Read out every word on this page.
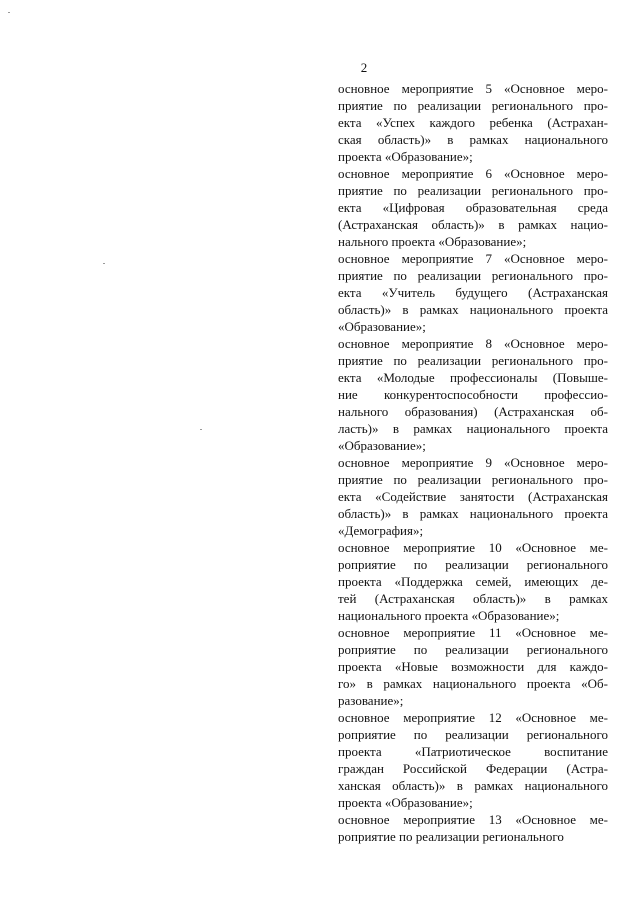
2
основное мероприятие 5 «Основное меро-
приятие по реализации регионального про-
екта «Успех каждого ребенка (Астрахан-
ская область)» в рамках национального
проекта «Образование»;
основное мероприятие 6 «Основное меро-
приятие по реализации регионального про-
екта «Цифровая образовательная среда
(Астраханская область)» в рамках нацио-
нального проекта «Образование»;
основное мероприятие 7 «Основное меро-
приятие по реализации регионального про-
екта «Учитель будущего (Астраханская
область)» в рамках национального проекта
«Образование»;
основное мероприятие 8 «Основное меро-
приятие по реализации регионального про-
екта «Молодые профессионалы (Повыше-
ние конкурентоспособности профессио-
нального образования) (Астраханская об-
ласть)» в рамках национального проекта
«Образование»;
основное мероприятие 9 «Основное меро-
приятие по реализации регионального про-
екта «Содействие занятости (Астраханская
область)» в рамках национального проекта
«Демография»;
основное мероприятие 10 «Основное ме-
роприятие по реализации регионального
проекта «Поддержка семей, имеющих де-
тей (Астраханская область)» в рамках
национального проекта «Образование»;
основное мероприятие 11 «Основное ме-
роприятие по реализации регионального
проекта «Новые возможности для каждо-
го» в рамках национального проекта «Об-
разование»;
основное мероприятие 12 «Основное ме-
роприятие по реализации регионального
проекта «Патриотическое воспитание
граждан Российской Федерации (Астра-
ханская область)» в рамках национального
проекта «Образование»;
основное мероприятие 13 «Основное ме-
роприятие по реализации регионального
